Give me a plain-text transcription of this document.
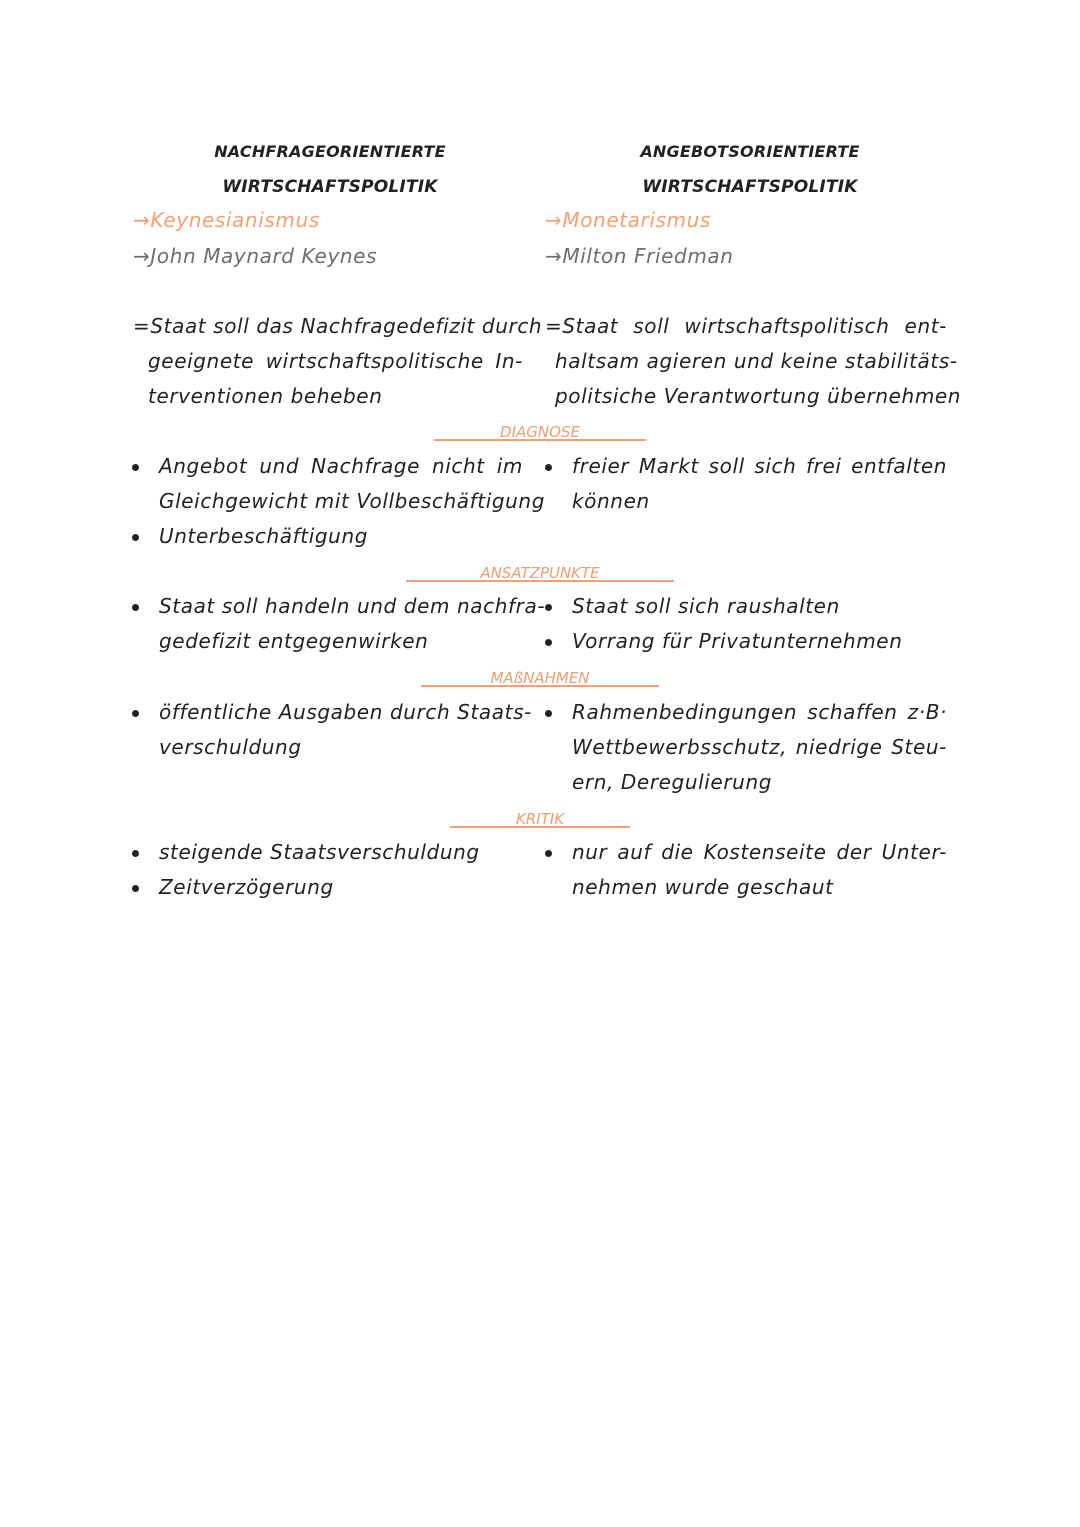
NACHFRAGEORIENTIERTE
WIRTSCHAFTSPOLITIK
ANGEBOTSORIENTIERTE
WIRTSCHAFTSPOLITIK
→Keynesianismus
→John Maynard Keynes
→Monetarismus
→Milton Friedman
=Staat soll das Nachfragedefizit durch
geeignete wirtschaftspolitische In-
terventionen beheben
=Staat soll wirtschaftspolitisch ent-
haltsam agieren und keine stabilitäts-
politsiche Verantwortung übernehmen
DIAGNOSE
Angebot und Nachfrage nicht im
Gleichgewicht mit Vollbeschäftigung
Unterbeschäftigung
freier Markt soll sich frei entfalten
können
ANSATZPUNKTE
Staat soll handeln und dem nachfra-
gedefizit entgegenwirken
Staat soll sich raushalten
Vorrang für Privatunternehmen
MAßNAHMEN
öffentliche Ausgaben durch Staats-
verschuldung
Rahmenbedingungen schaffen z·B·
Wettbewerbsschutz, niedrige Steu-
ern, Deregulierung
KRITIK
steigende Staatsverschuldung
Zeitverzögerung
nur auf die Kostenseite der Unter-
nehmen wurde geschaut
